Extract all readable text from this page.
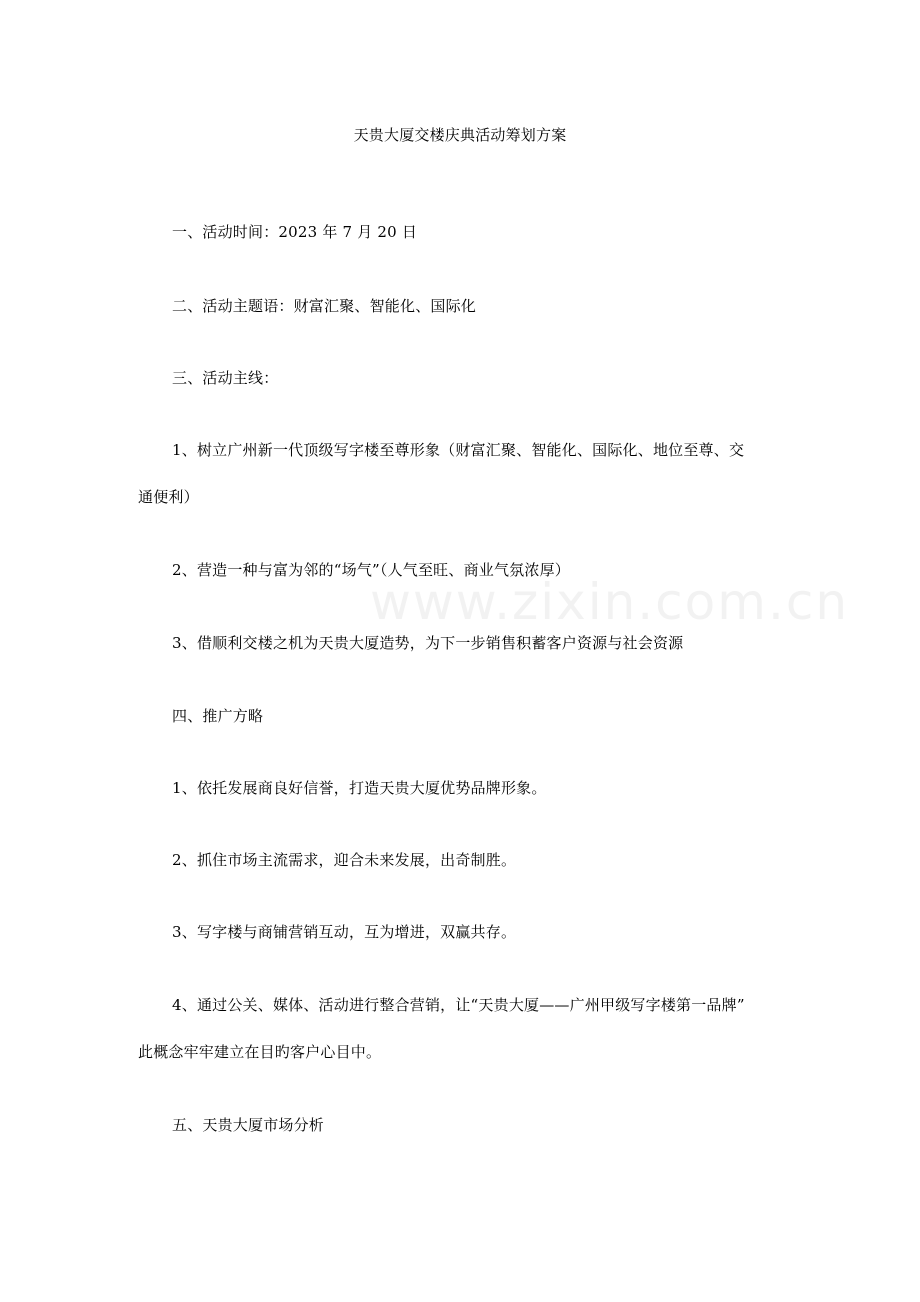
www.zixin.com.cn
天贵大厦交楼庆典活动筹划方案
一、活动时间：2023 年 7 月 20 日
二、活动主题语：财富汇聚、智能化、国际化
三、活动主线：
1、树立广州新一代顶级写字楼至尊形象（财富汇聚、智能化、国际化、地位至尊、交
通便利）
2、营造一种与富为邻的“场气”（人气至旺、商业气氛浓厚）
3、借顺利交楼之机为天贵大厦造势，为下一步销售积蓄客户资源与社会资源
四、推广方略
1、依托发展商良好信誉，打造天贵大厦优势品牌形象。
2、抓住市场主流需求，迎合未来发展，出奇制胜。
3、写字楼与商铺营销互动，互为增进，双赢共存。
4、通过公关、媒体、活动进行整合营销，让“天贵大厦——广州甲级写字楼第一品牌”
此概念牢牢建立在目旳客户心目中。
五、天贵大厦市场分析
